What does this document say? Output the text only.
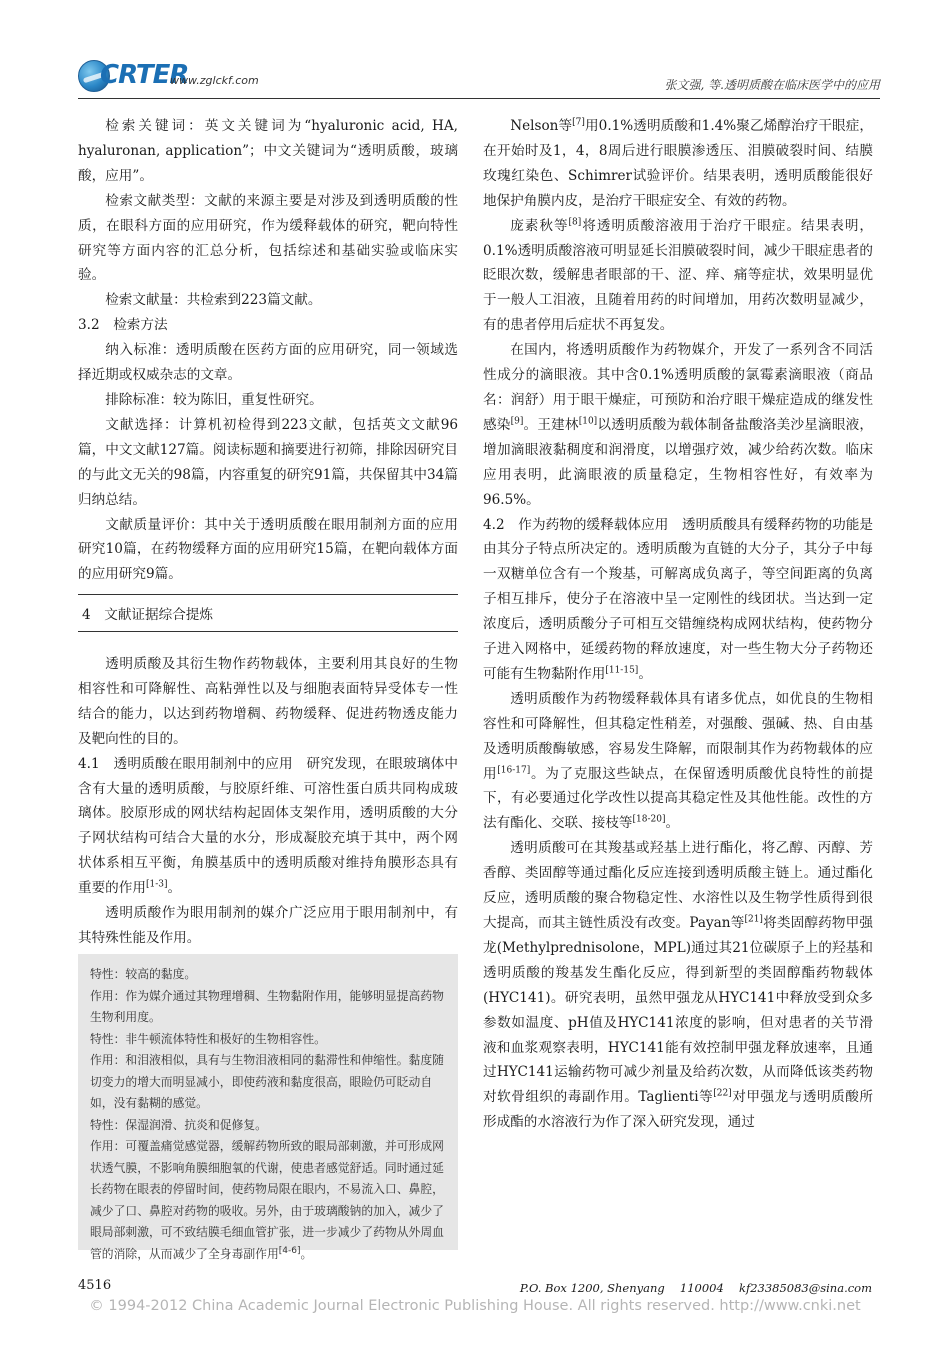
CRTER
www.zglckf.com	张文强, 等.透明质酸在临床医学中的应用

检索关键词：英文关键词为“hyaluronic acid, HA, hyaluronan, application”；中文关键词为“透明质酸，玻璃酸，应用”。

检索文献类型：文献的来源主要是对涉及到透明质酸的性质，在眼科方面的应用研究，作为缓释载体的研究，靶向特性研究等方面内容的汇总分析，包括综述和基础实验或临床实验。

检索文献量：共检索到223篇文献。

3.2　检索方法

纳入标准：透明质酸在医药方面的应用研究，同一领域选择近期或权威杂志的文章。

排除标准：较为陈旧，重复性研究。

文献选择：计算机初检得到223文献，包括英文文献96篇，中文文献127篇。阅读标题和摘要进行初筛，排除因研究目的与此文无关的98篇，内容重复的研究91篇，共保留其中34篇归纳总结。

文献质量评价：其中关于透明质酸在眼用制剂方面的应用研究10篇，在药物缓释方面的应用研究15篇，在靶向载体方面的应用研究9篇。

4　文献证据综合提炼

透明质酸及其衍生物作药物载体，主要利用其良好的生物相容性和可降解性、高粘弹性以及与细胞表面特异受体专一性结合的能力，以达到药物增稠、药物缓释、促进药物透皮能力及靶向性的目的。

4.1　透明质酸在眼用制剂中的应用　研究发现，在眼玻璃体中含有大量的透明质酸，与胶原纤维、可溶性蛋白质共同构成玻璃体。胶原形成的网状结构起固体支架作用，透明质酸的大分子网状结构可结合大量的水分，形成凝胶充填于其中，两个网状体系相互平衡，角膜基质中的透明质酸对维持角膜形态具有重要的作用[1-3]。

透明质酸作为眼用制剂的媒介广泛应用于眼用制剂中，有其特殊性能及作用。

特性：较高的黏度。

作用：作为媒介通过其物理增稠、生物黏附作用，能够明显提高药物生物利用度。

特性：非牛顿流体特性和极好的生物相容性。

作用：和泪液相似，具有与生物泪液相同的黏滞性和伸缩性。黏度随切变力的增大而明显减小，即使药液和黏度很高，眼睑仍可眨动自如，没有黏糊的感觉。

特性：保湿润滑、抗炎和促修复。

作用：可覆盖痛觉感觉器，缓解药物所致的眼局部刺激，并可形成网状透气膜，不影响角膜细胞氧的代谢，使患者感觉舒适。同时通过延长药物在眼表的停留时间，使药物局限在眼内，不易流入口、鼻腔，减少了口、鼻腔对药物的吸收。另外，由于玻璃酸钠的加入，减少了眼局部刺激，可不致结膜毛细血管扩张，进一步减少了药物从外周血管的消除，从而减少了全身毒副作用[4-6]。

Nelson等[7]用0.1%透明质酸和1.4%聚乙烯醇治疗干眼症，在开始时及1，4，8周后进行眼膜渗透压、泪膜破裂时间、结膜玫瑰红染色、Schimrer试验评价。结果表明，透明质酸能很好地保护角膜内皮，是治疗干眼症安全、有效的药物。

庞素秋等[8]将透明质酸溶液用于治疗干眼症。结果表明，0.1%透明质酸溶液可明显延长泪膜破裂时间，减少干眼症患者的眨眼次数，缓解患者眼部的干、涩、痒、痛等症状，效果明显优于一般人工泪液，且随着用药的时间增加，用药次数明显减少，有的患者停用后症状不再复发。

在国内，将透明质酸作为药物媒介，开发了一系列含不同活性成分的滴眼液。其中含0.1%透明质酸的氯霉素滴眼液（商品名：润舒）用于眼干燥症，可预防和治疗眼干燥症造成的继发性感染[9]。王建林[10]以透明质酸为载体制备盐酸洛美沙星滴眼液，增加滴眼液黏稠度和润滑度，以增强疗效，减少给药次数。临床应用表明，此滴眼液的质量稳定，生物相容性好，有效率为96.5%。

4.2　作为药物的缓释载体应用　透明质酸具有缓释药物的功能是由其分子特点所决定的。透明质酸为直链的大分子，其分子中每一双糖单位含有一个羧基，可解离成负离子，等空间距离的负离子相互排斥，使分子在溶液中呈一定刚性的线团状。当达到一定浓度后，透明质酸分子可相互交错缠绕构成网状结构，使药物分子进入网格中，延缓药物的释放速度，对一些生物大分子药物还可能有生物黏附作用[11-15]。

透明质酸作为药物缓释载体具有诸多优点，如优良的生物相容性和可降解性，但其稳定性稍差，对强酸、强碱、热、自由基及透明质酸酶敏感，容易发生降解，而限制其作为药物载体的应用[16-17]。为了克服这些缺点，在保留透明质酸优良特性的前提下，有必要通过化学改性以提高其稳定性及其他性能。改性的方法有酯化、交联、接枝等[18-20]。

透明质酸可在其羧基或羟基上进行酯化，将乙醇、丙醇、芳香醇、类固醇等通过酯化反应连接到透明质酸主链上。通过酯化反应，透明质酸的聚合物稳定性、水溶性以及生物学性质得到很大提高，而其主链性质没有改变。Payan等[21]将类固醇药物甲强龙(Methylprednisolone，MPL)通过其21位碳原子上的羟基和透明质酸的羧基发生酯化反应，得到新型的类固醇酯药物载体(HYC141)。研究表明，虽然甲强龙从HYC141中释放受到众多参数如温度、pH值及HYC141浓度的影响，但对患者的关节滑液和血浆观察表明，HYC141能有效控制甲强龙释放速率，且通过HYC141运输药物可减少剂量及给药次数，从而降低该类药物对软骨组织的毒副作用。Taglienti等[22]对甲强龙与透明质酸所形成酯的水溶液行为作了深入研究发现，通过

4516	P.O. Box 1200, Shenyang　 110004　 kf23385083@sina.com
© 1994-2012 China Academic Journal Electronic Publishing House. All rights reserved. http://www.cnki.net
